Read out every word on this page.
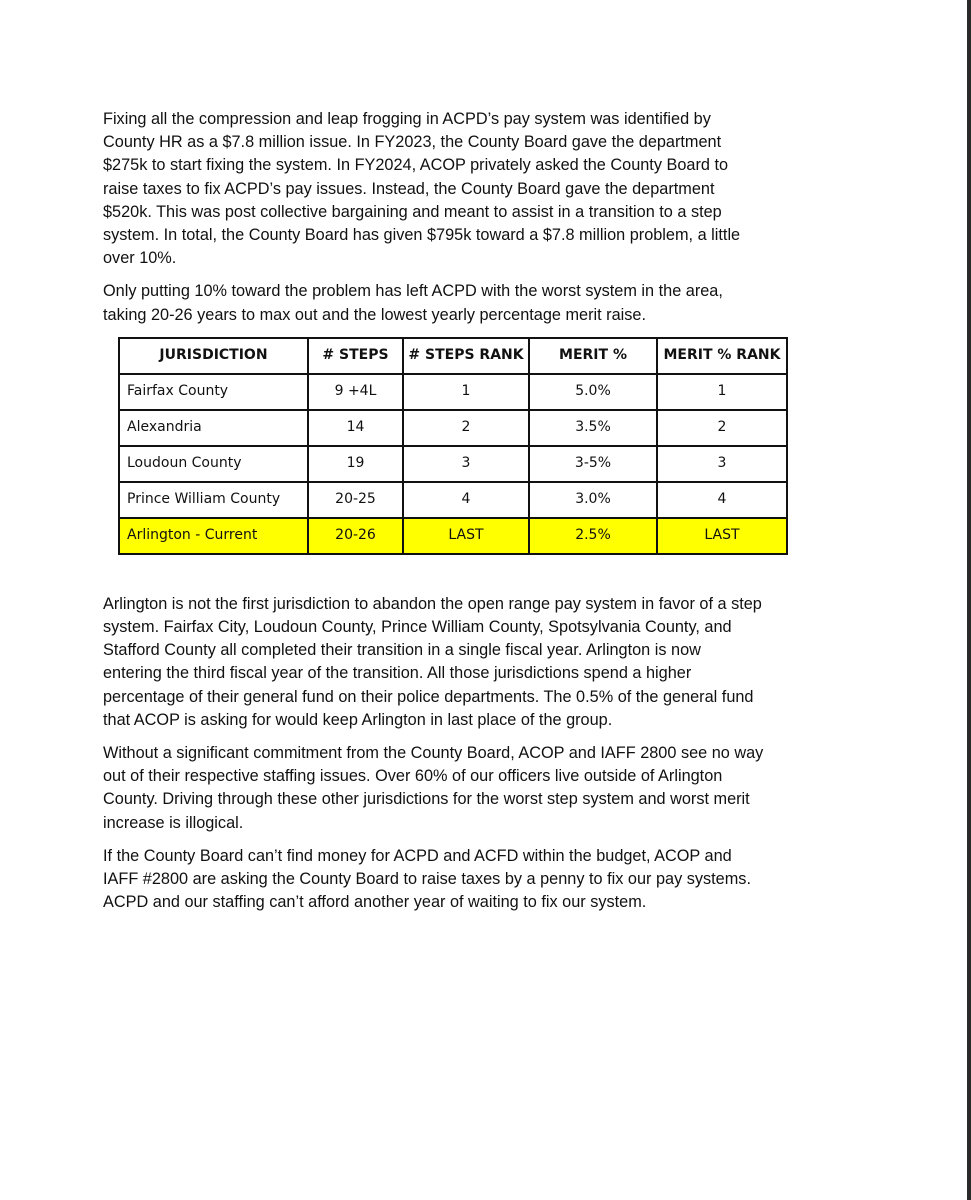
Fixing all the compression and leap frogging in ACPD’s pay system was identified by
County HR as a $7.8 million issue. In FY2023, the County Board gave the department
$275k to start fixing the system. In FY2024, ACOP privately asked the County Board to
raise taxes to fix ACPD’s pay issues. Instead, the County Board gave the department
$520k. This was post collective bargaining and meant to assist in a transition to a step
system. In total, the County Board has given $795k toward a $7.8 million problem, a little
over 10%.

Only putting 10% toward the problem has left ACPD with the worst system in the area,
taking 20-26 years to max out and the lowest yearly percentage merit raise.

JURISDICTION	# STEPS	# STEPS RANK	MERIT %	MERIT % RANK
Fairfax County	9 +4L	1	5.0%	1
Alexandria	14	2	3.5%	2
Loudoun County	19	3	3-5%	3
Prince William County	20-25	4	3.0%	4
Arlington - Current	20-26	LAST	2.5%	LAST

Arlington is not the first jurisdiction to abandon the open range pay system in favor of a step
system. Fairfax City, Loudoun County, Prince William County, Spotsylvania County, and
Stafford County all completed their transition in a single fiscal year. Arlington is now
entering the third fiscal year of the transition. All those jurisdictions spend a higher
percentage of their general fund on their police departments. The 0.5% of the general fund
that ACOP is asking for would keep Arlington in last place of the group.

Without a significant commitment from the County Board, ACOP and IAFF 2800 see no way
out of their respective staffing issues. Over 60% of our officers live outside of Arlington
County. Driving through these other jurisdictions for the worst step system and worst merit
increase is illogical.

If the County Board can’t find money for ACPD and ACFD within the budget, ACOP and
IAFF #2800 are asking the County Board to raise taxes by a penny to fix our pay systems.
ACPD and our staffing can’t afford another year of waiting to fix our system.
